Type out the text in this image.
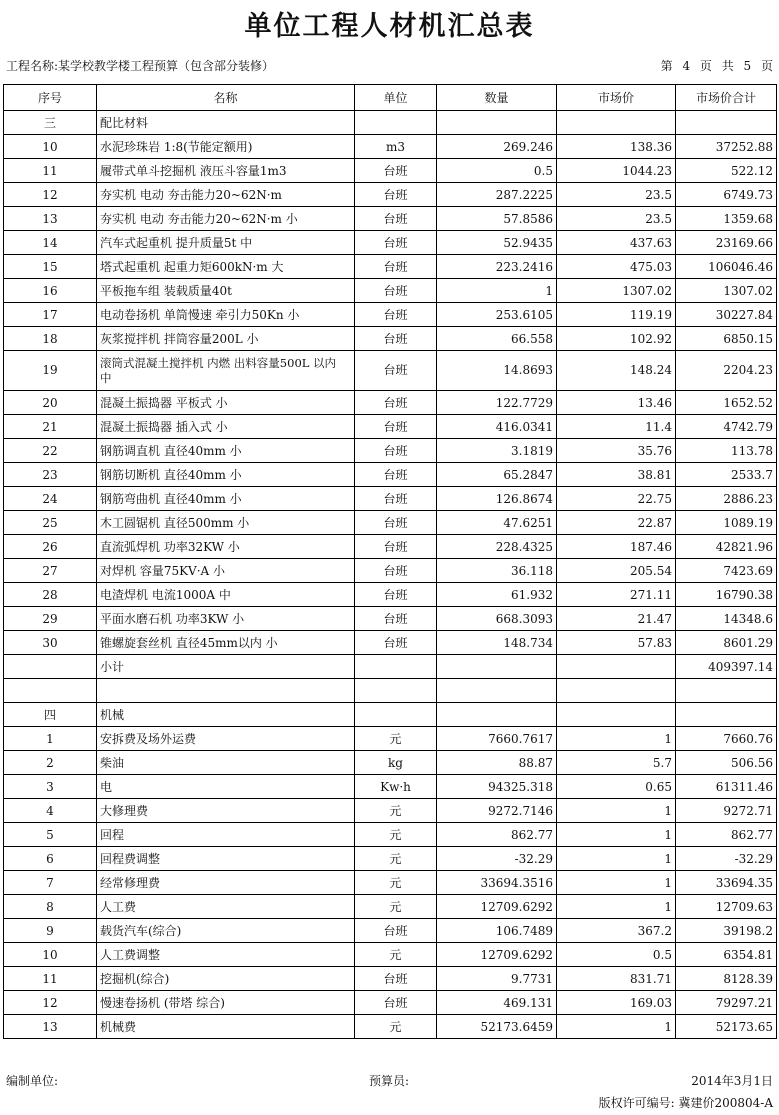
单位工程人材机汇总表
工程名称:某学校教学楼工程预算（包含部分装修）	第 4 页 共 5 页
序号	名称	单位	数量	市场价	市场价合计
三	配比材料				
10	水泥珍珠岩 1:8(节能定额用)	m3	269.246	138.36	37252.88
11	履带式单斗挖掘机 液压斗容量1m3	台班	0.5	1044.23	522.12
12	夯实机 电动 夯击能力20~62N·m	台班	287.2225	23.5	6749.73
13	夯实机 电动 夯击能力20~62N·m 小	台班	57.8586	23.5	1359.68
14	汽车式起重机 提升质量5t 中	台班	52.9435	437.63	23169.66
15	塔式起重机 起重力矩600kN·m 大	台班	223.2416	475.03	106046.46
16	平板拖车组 装载质量40t	台班	1	1307.02	1307.02
17	电动卷扬机 单筒慢速 牵引力50Kn 小	台班	253.6105	119.19	30227.84
18	灰浆搅拌机 拌筒容量200L 小	台班	66.558	102.92	6850.15
19	滚筒式混凝土搅拌机 内燃 出料容量500L 以内 中	台班	14.8693	148.24	2204.23
20	混凝土振捣器 平板式 小	台班	122.7729	13.46	1652.52
21	混凝土振捣器 插入式 小	台班	416.0341	11.4	4742.79
22	钢筋调直机 直径40mm 小	台班	3.1819	35.76	113.78
23	钢筋切断机 直径40mm 小	台班	65.2847	38.81	2533.7
24	钢筋弯曲机 直径40mm 小	台班	126.8674	22.75	2886.23
25	木工圆锯机 直径500mm 小	台班	47.6251	22.87	1089.19
26	直流弧焊机 功率32KW 小	台班	228.4325	187.46	42821.96
27	对焊机 容量75KV·A 小	台班	36.118	205.54	7423.69
28	电渣焊机 电流1000A 中	台班	61.932	271.11	16790.38
29	平面水磨石机 功率3KW 小	台班	668.3093	21.47	14348.6
30	锥螺旋套丝机 直径45mm以内 小	台班	148.734	57.83	8601.29
	小计				409397.14

四	机械				
1	安拆费及场外运费	元	7660.7617	1	7660.76
2	柴油	kg	88.87	5.7	506.56
3	电	Kw·h	94325.318	0.65	61311.46
4	大修理费	元	9272.7146	1	9272.71
5	回程	元	862.77	1	862.77
6	回程费调整	元	-32.29	1	-32.29
7	经常修理费	元	33694.3516	1	33694.35
8	人工费	元	12709.6292	1	12709.63
9	载货汽车(综合)	台班	106.7489	367.2	39198.2
10	人工费调整	元	12709.6292	0.5	6354.81
11	挖掘机(综合)	台班	9.7731	831.71	8128.39
12	慢速卷扬机 (带塔 综合)	台班	469.131	169.03	79297.21
13	机械费	元	52173.6459	1	52173.65
编制单位:	预算员:	2014年3月1日
版权许可编号: 冀建价200804-A
